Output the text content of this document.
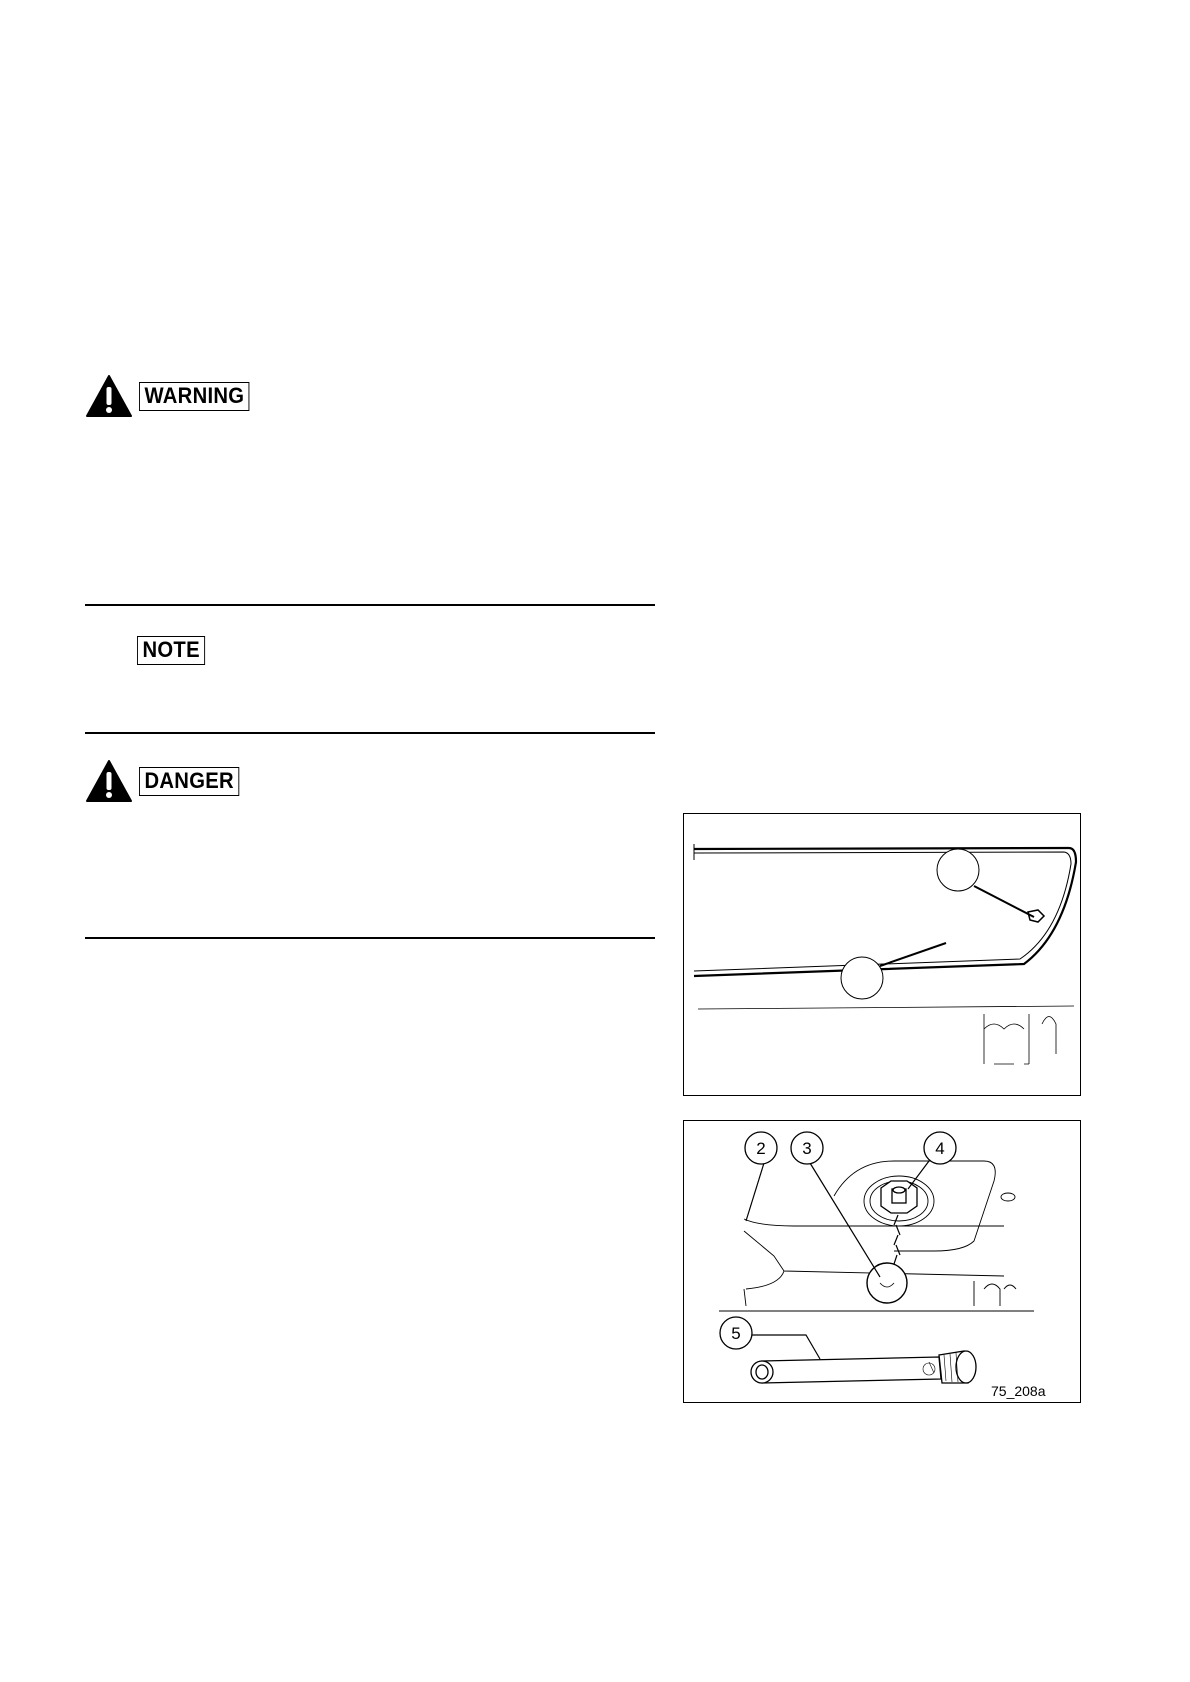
WARNING
NOTE
DANGER
2 3	4
5
75_208a
